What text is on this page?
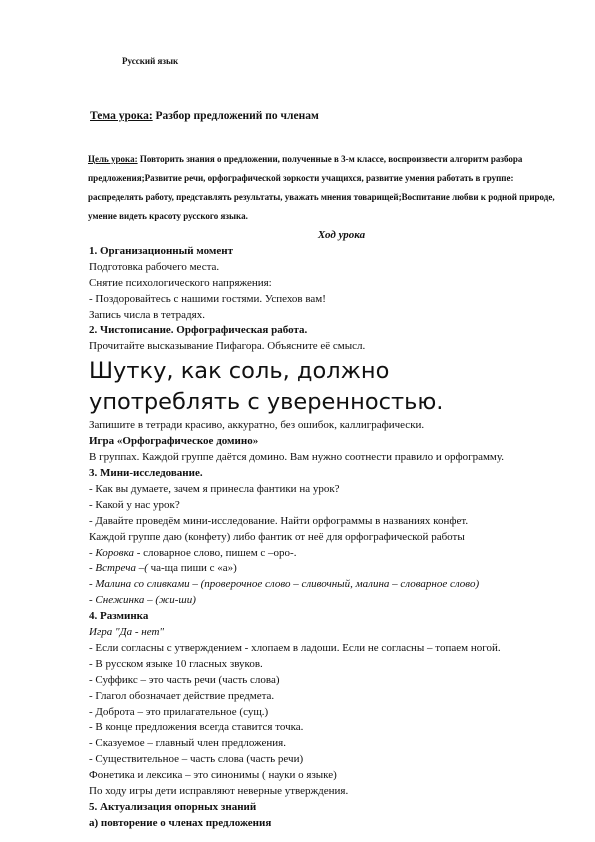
Русский язык
Тема урока: Разбор предложений по членам
Цель урока: Повторить знания о предложении, полученные в 3-м классе, воспроизвести алгоритм разбора предложения;Развитие речи, орфографической зоркости учащихся, развитие умения работать в группе: распределять работу, представлять результаты, уважать мнения товарищей;Воспитание любви к родной природе, умение видеть красоту русского языка.
Ход урока
1. Организационный момент
Подготовка рабочего места.
Снятие психологического напряжения:
- Поздоровайтесь с нашими гостями. Успехов вам!
Запись числа в тетрадях.
2. Чистописание. Орфографическая работа.
Прочитайте высказывание Пифагора. Объясните её смысл.
Шутку, как соль, должно
употреблять с уверенностью.
Запишите в тетради красиво, аккуратно, без ошибок, каллиграфически.
Игра «Орфографическое домино»
В группах. Каждой группе даётся домино. Вам нужно соотнести правило и орфограмму.
3. Мини-исследование.
- Как вы думаете, зачем я принесла фантики на урок?
- Какой у нас урок?
- Давайте проведём мини-исследование. Найти орфограммы в названиях конфет.
Каждой группе даю (конфету) либо фантик от неё для орфографической работы
- Коровка - словарное слово, пишем с –оро-.
- Встреча –( ча-ща пиши с «а»)
- Малина со сливками – (проверочное слово – сливочный, малина – словарное слово)
- Снежинка – (жи-ши)
4. Разминка
Игра "Да - нет"
- Если согласны с утверждением - хлопаем в ладоши. Если не согласны – топаем ногой.
- В русском языке 10 гласных звуков.
- Суффикс – это часть речи (часть слова)
- Глагол обозначает действие предмета.
- Доброта – это прилагательное (сущ.)
- В конце предложения всегда ставится точка.
- Сказуемое – главный член предложения.
- Существительное – часть слова (часть речи)
Фонетика и лексика – это синонимы ( науки о языке)
По ходу игры дети исправляют неверные утверждения.
5. Актуализация опорных знаний
а) повторение о членах предложения
